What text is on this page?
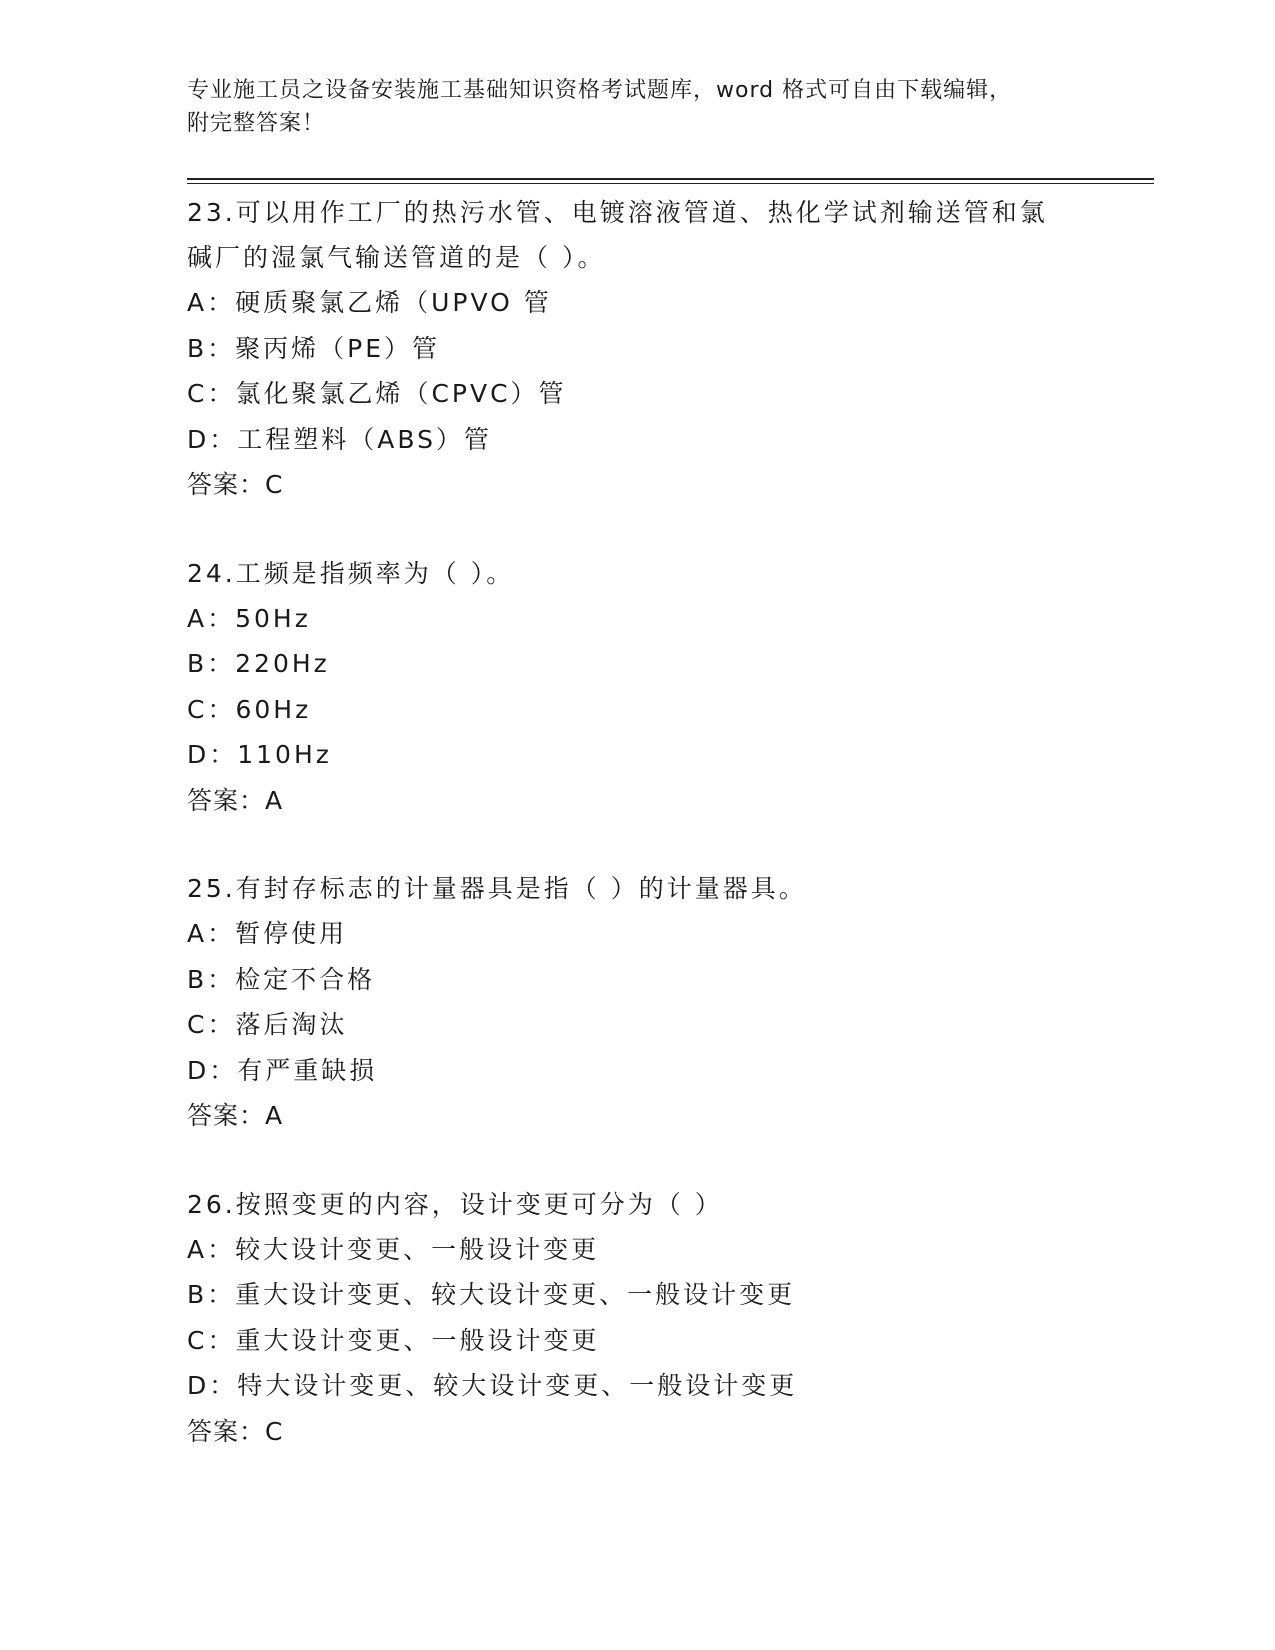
专业施工员之设备安装施工基础知识资格考试题库，word 格式可自由下载编辑，
附完整答案！
23.可以用作工厂的热污水管、电镀溶液管道、热化学试剂输送管和氯
碱厂的湿氯气输送管道的是（ ）。
A：硬质聚氯乙烯（UPVO 管
B：聚丙烯（PE）管
C：氯化聚氯乙烯（CPVC）管
D：工程塑料（ABS）管
答案：C
24.工频是指频率为（ ）。
A：50Hz
B：220Hz
C：60Hz
D：110Hz
答案：A
25.有封存标志的计量器具是指（ ）的计量器具。
A：暂停使用
B：检定不合格
C：落后淘汰
D：有严重缺损
答案：A
26.按照变更的内容，设计变更可分为（ ）
A：较大设计变更、一般设计变更
B：重大设计变更、较大设计变更、一般设计变更
C：重大设计变更、一般设计变更
D：特大设计变更、较大设计变更、一般设计变更
答案：C
